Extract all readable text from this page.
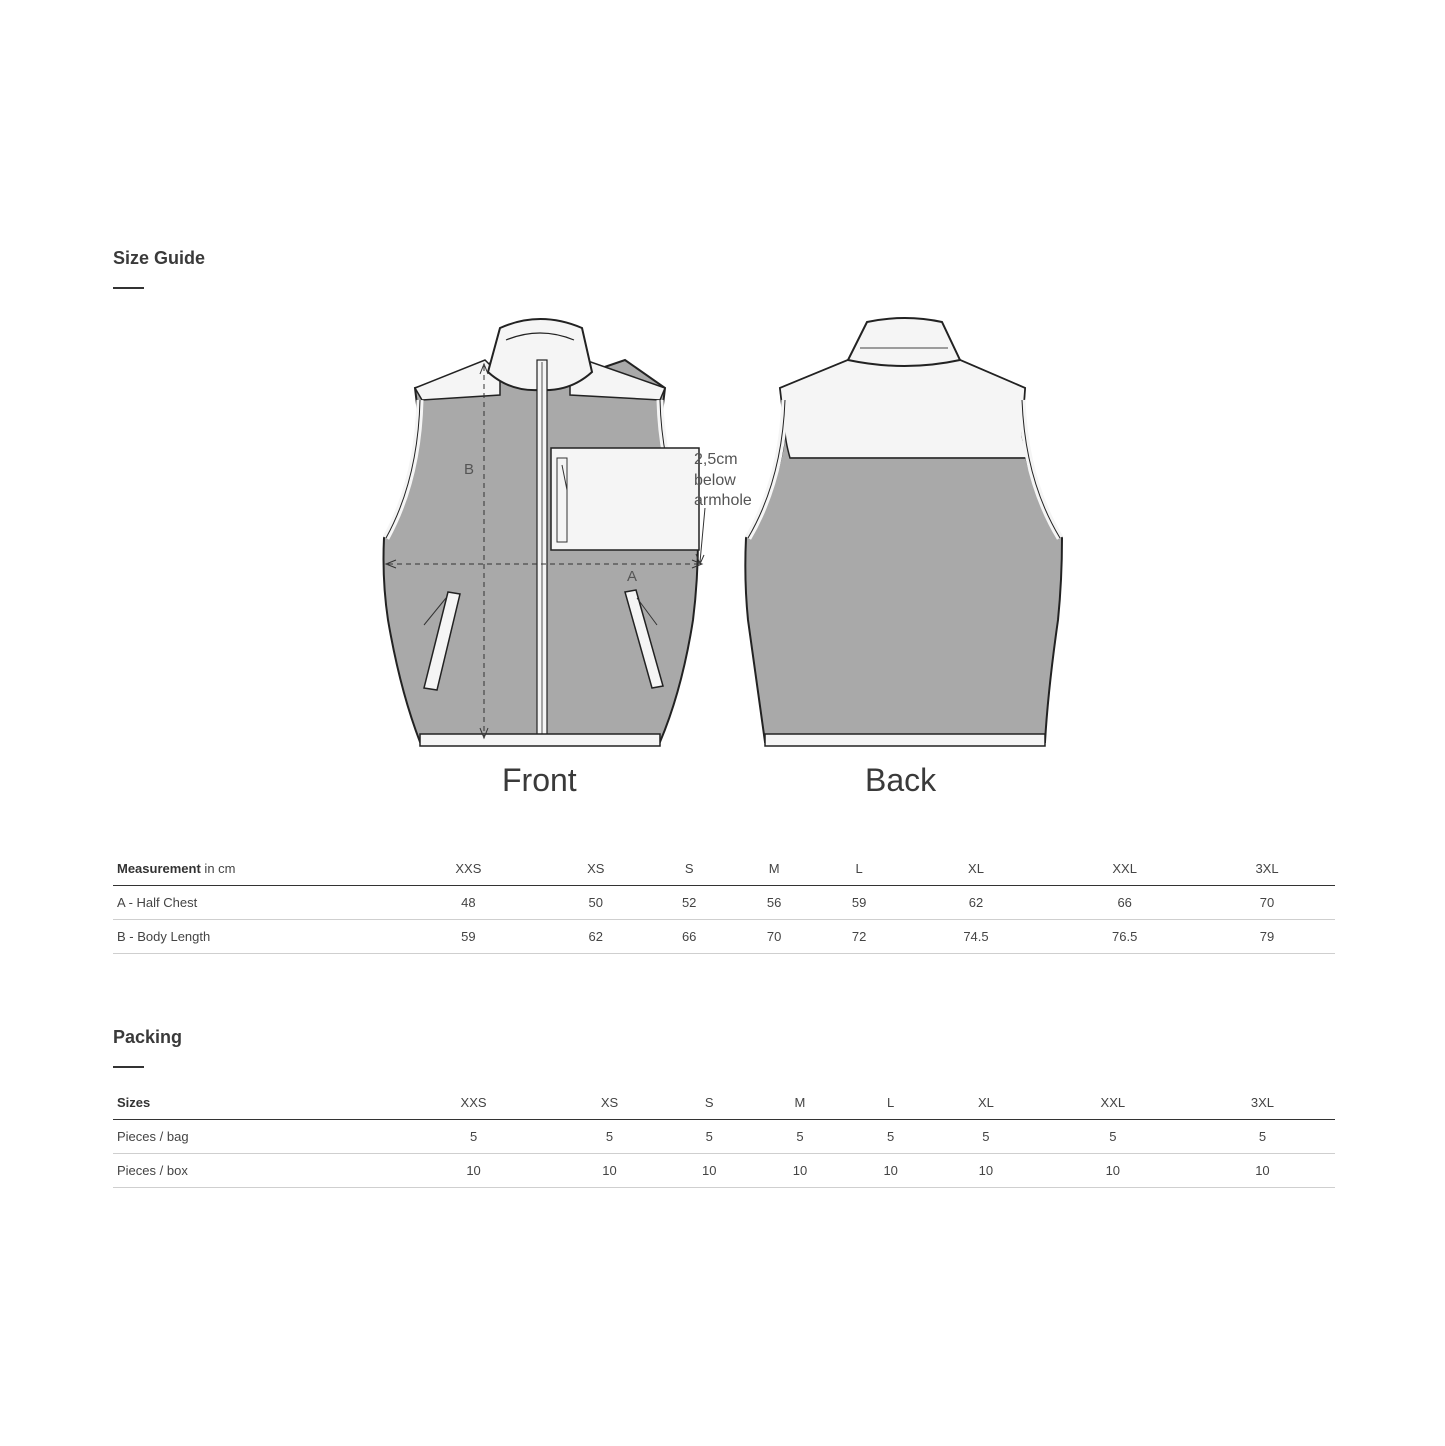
Size Guide
B
A
2,5cm
below
armhole
Front	Back
Measurement in cm	XXS	XS	S	M	L	XL	XXL	3XL
A - Half Chest	48	50	52	56	59	62	66	70
B - Body Length	59	62	66	70	72	74.5	76.5	79
Packing
Sizes	XXS	XS	S	M	L	XL	XXL	3XL
Pieces / bag	5	5	5	5	5	5	5	5
Pieces / box	10	10	10	10	10	10	10	10
